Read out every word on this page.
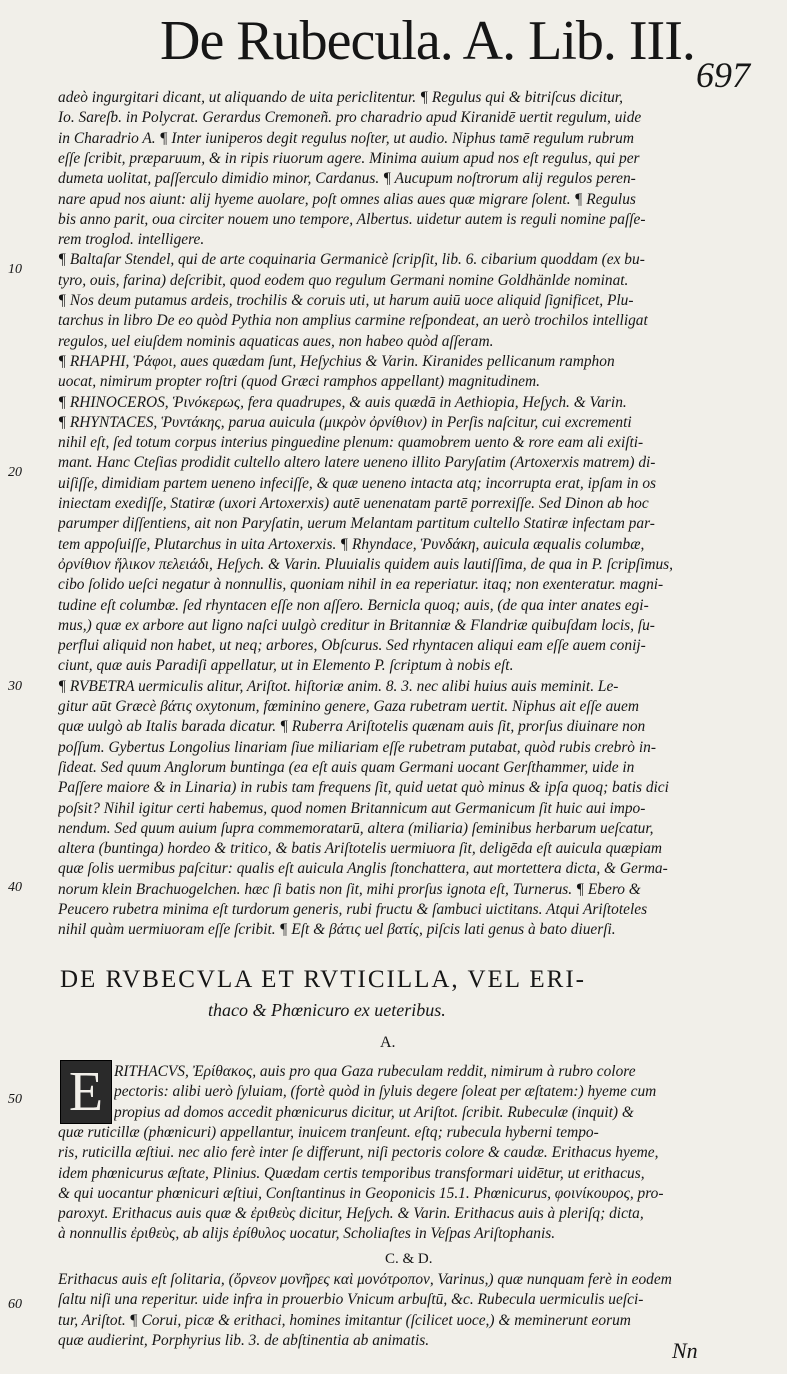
De Rubecula. A. Lib. III.
697
adeò ingurgitari dicant, ut aliquando de uita periclitentur. ¶ Regulus qui & bitriſcus dicitur,
Io. Sareſb. in Polycrat. Gerardus Cremoneñ. pro charadrio apud Kiranidē uertit regulum, uide
in Charadrio A. ¶ Inter iuniperos degit regulus noſter, ut audio. Niphus tamē regulum rubrum
eſſe ſcribit, præparuum, & in ripis riuorum agere. Minima auium apud nos eſt regulus, qui per
dumeta uolitat, paſſerculo dimidio minor, Cardanus. ¶ Aucupum noſtrorum alij regulos peren-
nare apud nos aiunt: alij hyeme auolare, poſt omnes alias aues quæ migrare ſolent. ¶ Regulus
bis anno parit, oua circiter nouem uno tempore, Albertus. uidetur autem is reguli nomine paſſe-
rem troglod. intelligere.
¶ Baltaſar Stendel, qui de arte coquinaria Germanicè ſcripſit, lib. 6. cibarium quoddam (ex bu-
tyro, ouis, farina) deſcribit, quod eodem quo regulum Germani nomine Goldhänlde nominat.
¶ Nos deum putamus ardeis, trochilis & coruis uti, ut harum auiū uoce aliquid ſignificet, Plu-
tarchus in libro De eo quòd Pythia non amplius carmine reſpondeat, an uerò trochilos intelligat
regulos, uel eiuſdem nominis aquaticas aues, non habeo quòd aſſeram.
¶ RHAPHI, Ῥάφοι, aues quædam ſunt, Heſychius & Varin. Kiranides pellicanum ramphon
uocat, nimirum propter roſtri (quod Græci ramphos appellant) magnitudinem.
¶ RHINOCEROS, Ῥινόκερως, fera quadrupes, & auis quædā in Aethiopia, Heſych. & Varin.
¶ RHYNTACES, Ῥυντάκης, parua auicula (μικρὸν ὀρνίθιον) in Perſis naſcitur, cui excrementi
nihil eſt, ſed totum corpus interius pinguedine plenum: quamobrem uento & rore eam ali exiſti-
mant. Hanc Cteſias prodidit cultello altero latere ueneno illito Paryſatim (Artoxerxis matrem) di-
uiſiſſe, dimidiam partem ueneno infeciſſe, & quæ ueneno intacta atq; incorrupta erat, ipſam in os
iniectam exediſſe, Statiræ (uxori Artoxerxis) autē uenenatam partē porrexiſſe. Sed Dinon ab hoc
parumper diſſentiens, ait non Paryſatin, uerum Melantam partitum cultello Statiræ infectam par-
tem appoſuiſſe, Plutarchus in uita Artoxerxis. ¶ Rhyndace, Ῥυνδάκη, auicula æqualis columbæ,
ὀρνίθιον ἥλικον πελειάδι, Heſych. & Varin. Pluuialis quidem auis lautiſſima, de qua in P. ſcripſimus,
cibo ſolido ueſci negatur à nonnullis, quoniam nihil in ea reperiatur. itaq; non exenteratur. magni-
tudine eſt columbæ. ſed rhyntacen eſſe non aſſero. Bernicla quoq; auis, (de qua inter anates egi-
mus,) quæ ex arbore aut ligno naſci uulgò creditur in Britanniæ & Flandriæ quibuſdam locis, ſu-
perflui aliquid non habet, ut neq; arbores, Obſcurus. Sed rhyntacen aliqui eam eſſe auem conij-
ciunt, quæ auis Paradiſi appellatur, ut in Elemento P. ſcriptum à nobis eſt.
¶ RVBETRA uermiculis alitur, Ariſtot. hiſtoriæ anim. 8. 3. nec alibi huius auis meminit. Le-
gitur aūt Græcè βάτις oxytonum, fœminino genere, Gaza rubetram uertit. Niphus ait eſſe auem
quæ uulgò ab Italis barada dicatur. ¶ Ruberra Ariſtotelis quænam auis ſit, prorſus diuinare non
poſſum. Gybertus Longolius linariam ſiue miliariam eſſe rubetram putabat, quòd rubis crebrò in-
ſideat. Sed quum Anglorum buntinga (ea eſt auis quam Germani uocant Gerſthammer, uide in
Paſſere maiore & in Linaria) in rubis tam frequens ſit, quid uetat quò minus & ipſa quoq; batis dici
poſsit? Nihil igitur certi habemus, quod nomen Britannicum aut Germanicum ſit huic aui impo-
nendum. Sed quum auium ſupra commemoratarū, altera (miliaria) ſeminibus herbarum ueſcatur,
altera (buntinga) hordeo & tritico, & batis Ariſtotelis uermiuora ſit, deligēda eſt auicula quæpiam
quæ ſolis uermibus paſcitur: qualis eſt auicula Anglis ſtonchattera, aut mortettera dicta, & Germa-
norum klein Brachuogelchen. hæc ſi batis non ſit, mihi prorſus ignota eſt, Turnerus. ¶ Ebero &
Peucero rubetra minima eſt turdorum generis, rubi fructu & ſambuci uictitans. Atqui Ariſtoteles
nihil quàm uermiuoram eſſe ſcribit. ¶ Eſt & βάτις uel βατίς, piſcis lati genus à bato diuerſi.
10
20
30
40
50
60
DE RVBECVLA ET RVTICILLA, VEL ERI-
thaco & Phœnicuro ex ueteribus.
A.
E RITHACVS, Ἐρίθακος, auis pro qua Gaza rubeculam reddit, nimirum à rubro colore
pectoris: alibi uerò ſyluiam, (fortè quòd in ſyluis degere ſoleat per æſtatem:) hyeme cum
propius ad domos accedit phœnicurus dicitur, ut Ariſtot. ſcribit. Rubeculæ (inquit) &
quæ ruticillæ (phœnicuri) appellantur, inuicem tranſeunt. eſtq; rubecula hyberni tempo-
ris, ruticilla æſtiui. nec alio ferè inter ſe differunt, niſi pectoris colore & caudæ. Erithacus hyeme,
idem phœnicurus æſtate, Plinius. Quædam certis temporibus transformari uidētur, ut erithacus,
& qui uocantur phœnicuri æſtiui, Conſtantinus in Geoponicis 15.1. Phœnicurus, φοινίκουρος, pro-
paroxyt. Erithacus auis quæ & ἐριθεὺς dicitur, Heſych. & Varin. Erithacus auis à pleriſq; dicta,
à nonnullis ἐριθεὺς, ab alijs ἐρίθυλος uocatur, Scholiaſtes in Veſpas Ariſtophanis.
C. & D.
Erithacus auis eſt ſolitaria, (ὄρνεον μονῆρες καὶ μονότροπον, Varinus,) quæ nunquam ferè in eodem
ſaltu niſi una reperitur. uide infra in prouerbio Vnicum arbuſtū, &c. Rubecula uermiculis ueſci-
tur, Ariſtot. ¶ Corui, picæ & erithaci, homines imitantur (ſcilicet uoce,) & meminerunt eorum
quæ audierint, Porphyrius lib. 3. de abſtinentia ab animatis.	Nn
